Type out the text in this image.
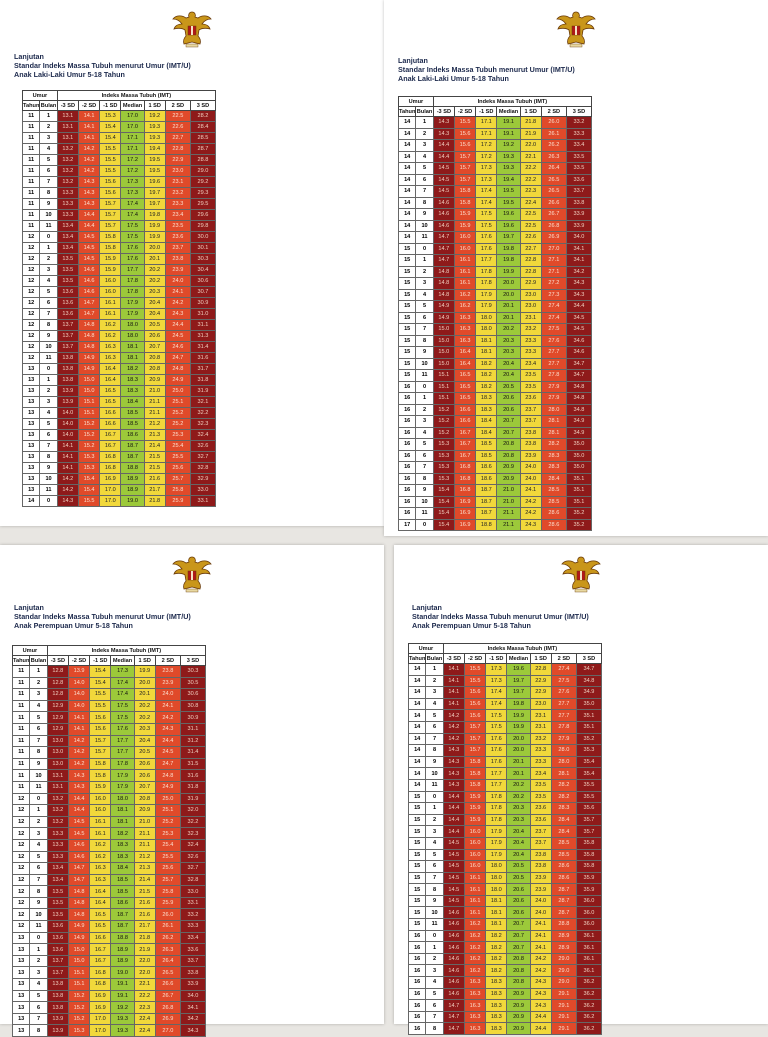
Lanjutan
Standar Indeks Massa Tubuh menurut Umur (IMT/U)
Anak Laki-Laki Umur 5-18 Tahun
Umur		Indeks Massa Tubuh (IMT)						
Tahun	Bulan	-3 SD	-2 SD	-1 SD	Median	1 SD	2 SD	3 SD
11	1	13.1	14.1	15.3	17.0	19.2	22.5	28.2
11	2	13.1	14.1	15.4	17.0	19.3	22.6	28.4
11	3	13.1	14.1	15.4	17.1	19.3	22.7	28.5
11	4	13.2	14.2	15.5	17.1	19.4	22.8	28.7
11	5	13.2	14.2	15.5	17.2	19.5	22.9	28.8
11	6	13.2	14.2	15.5	17.2	19.5	23.0	29.0
11	7	13.2	14.3	15.6	17.3	19.6	23.1	29.2
11	8	13.3	14.3	15.6	17.3	19.7	23.2	29.3
11	9	13.3	14.3	15.7	17.4	19.7	23.3	29.5
11	10	13.3	14.4	15.7	17.4	19.8	23.4	29.6
11	11	13.4	14.4	15.7	17.5	19.9	23.5	29.8
12	0	13.4	14.5	15.8	17.5	19.9	23.6	30.0
12	1	13.4	14.5	15.8	17.6	20.0	23.7	30.1
12	2	13.5	14.5	15.9	17.6	20.1	23.8	30.3
12	3	13.5	14.6	15.9	17.7	20.2	23.9	30.4
12	4	13.5	14.6	16.0	17.8	20.2	24.0	30.6
12	5	13.6	14.6	16.0	17.8	20.3	24.1	30.7
12	6	13.6	14.7	16.1	17.9	20.4	24.2	30.9
12	7	13.6	14.7	16.1	17.9	20.4	24.3	31.0
12	8	13.7	14.8	16.2	18.0	20.5	24.4	31.1
12	9	13.7	14.8	16.2	18.0	20.6	24.5	31.3
12	10	13.7	14.8	16.3	18.1	20.7	24.6	31.4
12	11	13.8	14.9	16.3	18.1	20.8	24.7	31.6
13	0	13.8	14.9	16.4	18.2	20.8	24.8	31.7
13	1	13.8	15.0	16.4	18.3	20.9	24.9	31.8
13	2	13.9	15.0	16.5	18.3	21.0	25.0	31.9
13	3	13.9	15.1	16.5	18.4	21.1	25.1	32.1
13	4	14.0	15.1	16.6	18.5	21.1	25.2	32.2
13	5	14.0	15.2	16.6	18.5	21.2	25.2	32.3
13	6	14.0	15.2	16.7	18.6	21.3	25.3	32.4
13	7	14.1	15.2	16.7	18.7	21.4	25.4	32.6
13	8	14.1	15.3	16.8	18.7	21.5	25.5	32.7
13	9	14.1	15.3	16.8	18.8	21.5	25.6	32.8
13	10	14.2	15.4	16.9	18.9	21.6	25.7	32.9
13	11	14.2	15.4	17.0	18.9	21.7	25.8	33.0
14	0	14.3	15.5	17.0	19.0	21.8	25.9	33.1
Lanjutan
Standar Indeks Massa Tubuh menurut Umur (IMT/U)
Anak Laki-Laki Umur 5-18 Tahun
Umur		Indeks Massa Tubuh (IMT)						
Tahun	Bulan	-3 SD	-2 SD	-1 SD	Median	1 SD	2 SD	3 SD
14	1	14.3	15.5	17.1	19.1	21.8	26.0	33.2
14	2	14.3	15.6	17.1	19.1	21.9	26.1	33.3
14	3	14.4	15.6	17.2	19.2	22.0	26.2	33.4
14	4	14.4	15.7	17.2	19.3	22.1	26.3	33.5
14	5	14.5	15.7	17.3	19.3	22.2	26.4	33.5
14	6	14.5	15.7	17.3	19.4	22.2	26.5	33.6
14	7	14.5	15.8	17.4	19.5	22.3	26.5	33.7
14	8	14.6	15.8	17.4	19.5	22.4	26.6	33.8
14	9	14.6	15.9	17.5	19.6	22.5	26.7	33.9
14	10	14.6	15.9	17.5	19.6	22.5	26.8	33.9
14	11	14.7	16.0	17.6	19.7	22.6	26.9	34.0
15	0	14.7	16.0	17.6	19.8	22.7	27.0	34.1
15	1	14.7	16.1	17.7	19.8	22.8	27.1	34.1
15	2	14.8	16.1	17.8	19.9	22.8	27.1	34.2
15	3	14.8	16.1	17.8	20.0	22.9	27.2	34.3
15	4	14.8	16.2	17.9	20.0	23.0	27.3	34.3
15	5	14.9	16.2	17.9	20.1	23.0	27.4	34.4
15	6	14.9	16.3	18.0	20.1	23.1	27.4	34.5
15	7	15.0	16.3	18.0	20.2	23.2	27.5	34.5
15	8	15.0	16.3	18.1	20.3	23.3	27.6	34.6
15	9	15.0	16.4	18.1	20.3	23.3	27.7	34.6
15	10	15.0	16.4	18.2	20.4	23.4	27.7	34.7
15	11	15.1	16.5	18.2	20.4	23.5	27.8	34.7
16	0	15.1	16.5	18.2	20.5	23.5	27.9	34.8
16	1	15.1	16.5	18.3	20.6	23.6	27.9	34.8
16	2	15.2	16.6	18.3	20.6	23.7	28.0	34.8
16	3	15.2	16.6	18.4	20.7	23.7	28.1	34.9
16	4	15.2	16.7	18.4	20.7	23.8	28.1	34.9
16	5	15.3	16.7	18.5	20.8	23.8	28.2	35.0
16	6	15.3	16.7	18.5	20.8	23.9	28.3	35.0
16	7	15.3	16.8	18.6	20.9	24.0	28.3	35.0
16	8	15.3	16.8	18.6	20.9	24.0	28.4	35.1
16	9	15.4	16.8	18.7	21.0	24.1	28.5	35.1
16	10	15.4	16.9	18.7	21.0	24.2	28.5	35.1
16	11	15.4	16.9	18.7	21.1	24.2	28.6	35.2
17	0	15.4	16.9	18.8	21.1	24.3	28.6	35.2
Lanjutan
Standar Indeks Massa Tubuh menurut Umur (IMT/U)
Anak Perempuan Umur 5-18 Tahun
Umur		Indeks Massa Tubuh (IMT)						
Tahun	Bulan	-3 SD	-2 SD	-1 SD	Median	1 SD	2 SD	3 SD
11	1	12.8	13.9	15.4	17.3	19.9	23.8	30.3
11	2	12.8	14.0	15.4	17.4	20.0	23.9	30.5
11	3	12.8	14.0	15.5	17.4	20.1	24.0	30.6
11	4	12.9	14.0	15.5	17.5	20.2	24.1	30.8
11	5	12.9	14.1	15.6	17.5	20.2	24.2	30.9
11	6	12.9	14.1	15.6	17.6	20.3	24.3	31.1
11	7	13.0	14.2	15.7	17.7	20.4	24.4	31.2
11	8	13.0	14.2	15.7	17.7	20.5	24.5	31.4
11	9	13.0	14.2	15.8	17.8	20.6	24.7	31.5
11	10	13.1	14.3	15.8	17.9	20.6	24.8	31.6
11	11	13.1	14.3	15.9	17.9	20.7	24.9	31.8
12	0	13.2	14.4	16.0	18.0	20.8	25.0	31.9
12	1	13.2	14.4	16.0	18.1	20.9	25.1	32.0
12	2	13.2	14.5	16.1	18.1	21.0	25.2	32.2
12	3	13.3	14.5	16.1	18.2	21.1	25.3	32.3
12	4	13.3	14.6	16.2	18.3	21.1	25.4	32.4
12	5	13.3	14.6	16.2	18.3	21.2	25.5	32.6
12	6	13.4	14.7	16.3	18.4	21.3	25.6	32.7
12	7	13.4	14.7	16.3	18.5	21.4	25.7	32.8
12	8	13.5	14.8	16.4	18.5	21.5	25.8	33.0
12	9	13.5	14.8	16.4	18.6	21.6	25.9	33.1
12	10	13.5	14.8	16.5	18.7	21.6	26.0	33.2
12	11	13.6	14.9	16.5	18.7	21.7	26.1	33.3
13	0	13.6	14.9	16.6	18.8	21.8	26.2	33.4
13	1	13.6	15.0	16.7	18.9	21.9	26.3	33.6
13	2	13.7	15.0	16.7	18.9	22.0	26.4	33.7
13	3	13.7	15.1	16.8	19.0	22.0	26.5	33.8
13	4	13.8	15.1	16.8	19.1	22.1	26.6	33.9
13	5	13.8	15.2	16.9	19.1	22.2	26.7	34.0
13	6	13.8	15.2	16.9	19.2	22.3	26.8	34.1
13	7	13.9	15.2	17.0	19.3	22.4	26.9	34.2
13	8	13.9	15.3	17.0	19.3	22.4	27.0	34.3
Lanjutan
Standar Indeks Massa Tubuh menurut Umur (IMT/U)
Anak Perempuan Umur 5-18 Tahun
Umur		Indeks Massa Tubuh (IMT)						
Tahun	Bulan	-3 SD	-2 SD	-1 SD	Median	1 SD	2 SD	3 SD
14	1	14.1	15.5	17.3	19.6	22.8	27.4	34.7
14	2	14.1	15.5	17.3	19.7	22.9	27.5	34.8
14	3	14.1	15.6	17.4	19.7	22.9	27.6	34.9
14	4	14.1	15.6	17.4	19.8	23.0	27.7	35.0
14	5	14.2	15.6	17.5	19.9	23.1	27.7	35.1
14	6	14.2	15.7	17.5	19.9	23.1	27.8	35.1
14	7	14.2	15.7	17.6	20.0	23.2	27.9	35.2
14	8	14.3	15.7	17.6	20.0	23.3	28.0	35.3
14	9	14.3	15.8	17.6	20.1	23.3	28.0	35.4
14	10	14.3	15.8	17.7	20.1	23.4	28.1	35.4
14	11	14.3	15.8	17.7	20.2	23.5	28.2	35.5
15	0	14.4	15.9	17.8	20.2	23.5	28.2	35.5
15	1	14.4	15.9	17.8	20.3	23.6	28.3	35.6
15	2	14.4	15.9	17.8	20.3	23.6	28.4	35.7
15	3	14.4	16.0	17.9	20.4	23.7	28.4	35.7
15	4	14.5	16.0	17.9	20.4	23.7	28.5	35.8
15	5	14.5	16.0	17.9	20.4	23.8	28.5	35.8
15	6	14.5	16.0	18.0	20.5	23.8	28.6	35.8
15	7	14.5	16.1	18.0	20.5	23.9	28.6	35.9
15	8	14.5	16.1	18.0	20.6	23.9	28.7	35.9
15	9	14.5	16.1	18.1	20.6	24.0	28.7	36.0
15	10	14.6	16.1	18.1	20.6	24.0	28.7	36.0
15	11	14.6	16.2	18.1	20.7	24.1	28.8	36.0
16	0	14.6	16.2	18.2	20.7	24.1	28.9	36.1
16	1	14.6	16.2	18.2	20.7	24.1	28.9	36.1
16	2	14.6	16.2	18.2	20.8	24.2	29.0	36.1
16	3	14.6	16.2	18.2	20.8	24.2	29.0	36.1
16	4	14.6	16.3	18.3	20.8	24.3	29.0	36.2
16	5	14.6	16.3	18.3	20.9	24.3	29.1	36.2
16	6	14.7	16.3	18.3	20.9	24.3	29.1	36.2
16	7	14.7	16.3	18.3	20.9	24.4	29.1	36.2
16	8	14.7	16.3	18.3	20.9	24.4	29.1	36.2
